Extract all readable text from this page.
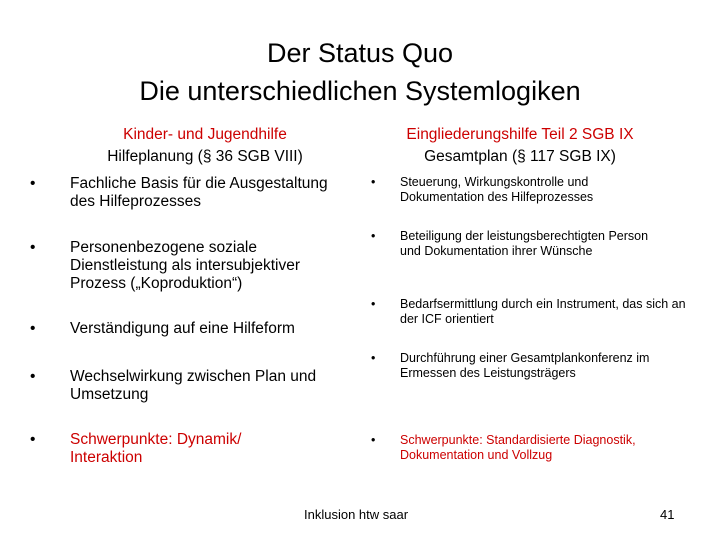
Der Status Quo
Die unterschiedlichen Systemlogiken
Kinder- und Jugendhilfe
Hilfeplanung (§ 36 SGB VIII)
• Fachliche Basis für die Ausgestaltung des Hilfeprozesses
• Personenbezogene soziale Dienstleistung als intersubjektiver Prozess („Koproduktion“)
• Verständigung auf eine Hilfeform
• Wechselwirkung zwischen Plan und Umsetzung
• Schwerpunkte: Dynamik/ Interaktion
Eingliederungshilfe Teil 2 SGB IX
Gesamtplan (§ 117 SGB IX)
• Steuerung, Wirkungskontrolle und Dokumentation des Hilfeprozesses
• Beteiligung der leistungsberechtigten Person und Dokumentation ihrer Wünsche
• Bedarfsermittlung durch ein Instrument, das sich an der ICF orientiert
• Durchführung einer Gesamtplankonferenz im Ermessen des Leistungsträgers
• Schwerpunkte: Standardisierte Diagnostik, Dokumentation und Vollzug
Inklusion htw saar	41
